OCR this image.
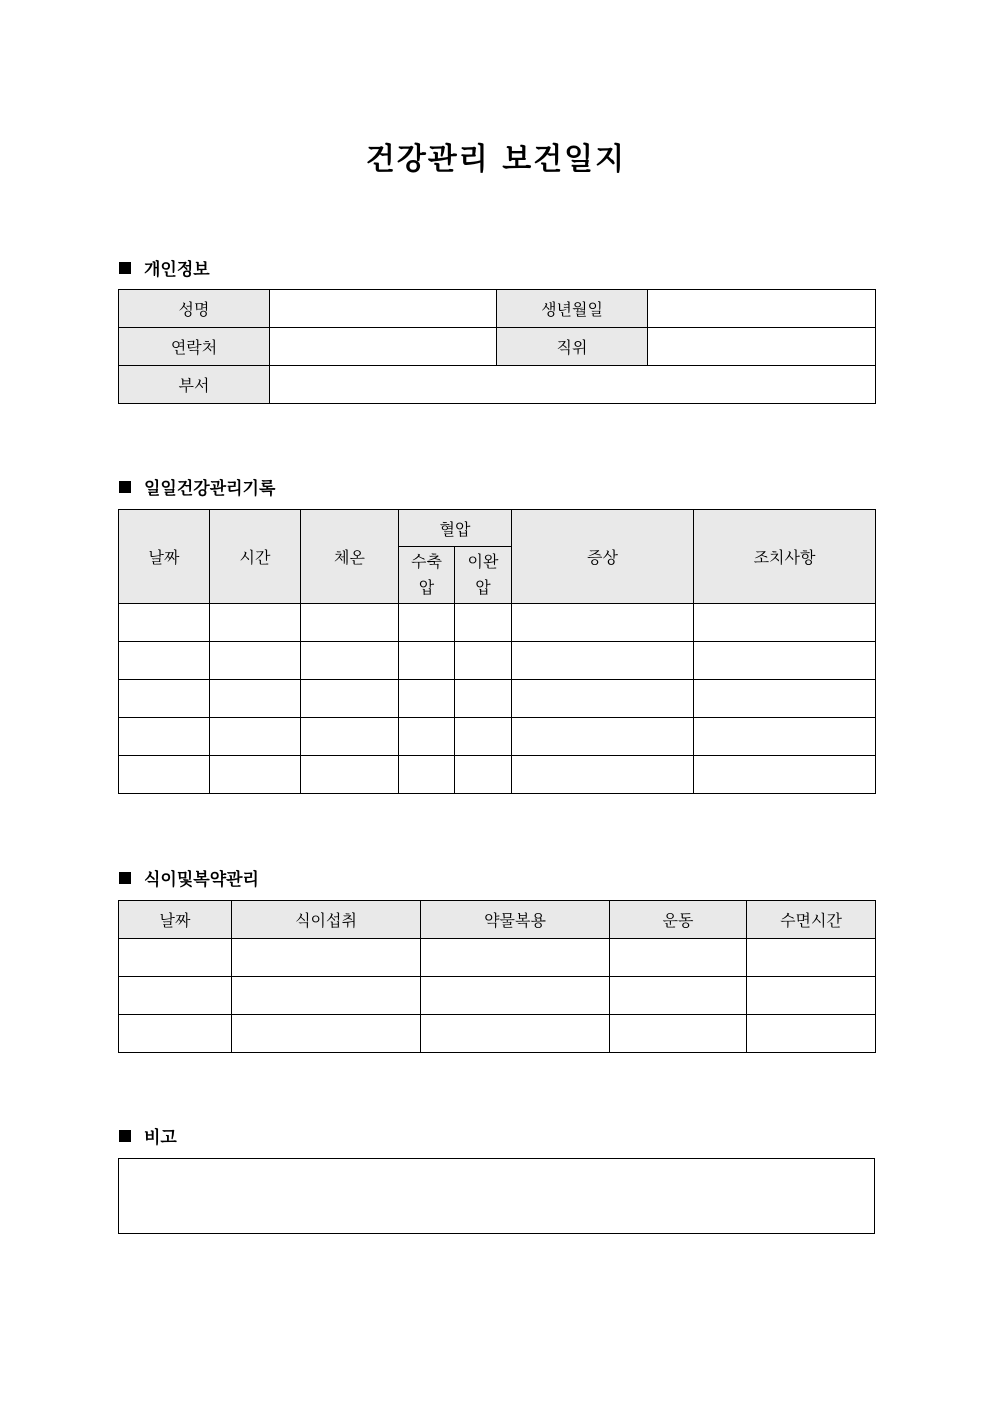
건강관리 보건일지
개인정보
성명		생년월일	
연락처		직위	
부서			
일일건강관리기록
날짜	시간	체온	혈압		증상	조치사항
			수축압	이완압		

식이및복약관리
날짜	식이섭취	약물복용	운동	수면시간

비고
